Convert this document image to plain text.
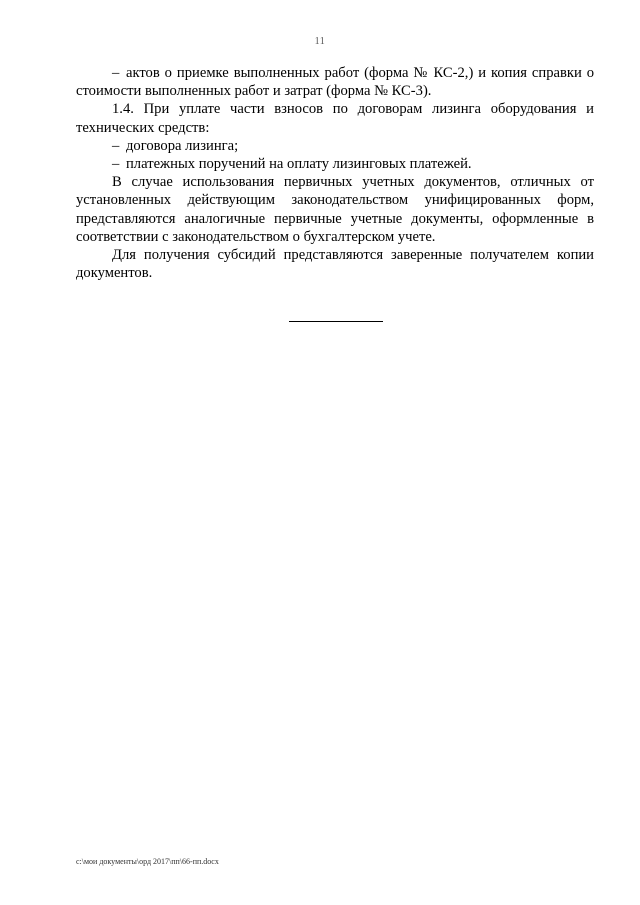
11

– актов о приемке выполненных работ (форма № КС-2,) и копия справки о стоимости выполненных работ и затрат (форма № КС-3).

1.4. При уплате части взносов по договорам лизинга оборудования и технических средств:

– договора лизинга;

– платежных поручений на оплату лизинговых платежей.

В случае использования первичных учетных документов, отличных от установленных действующим законодательством унифицированных форм, представляются аналогичные первичные учетные документы, оформленные в соответствии с законодательством о бухгалтерском учете.

Для получения субсидий представляются заверенные получателем копии документов.

c:\мои документы\орд 2017\пп\66-пп.docx
